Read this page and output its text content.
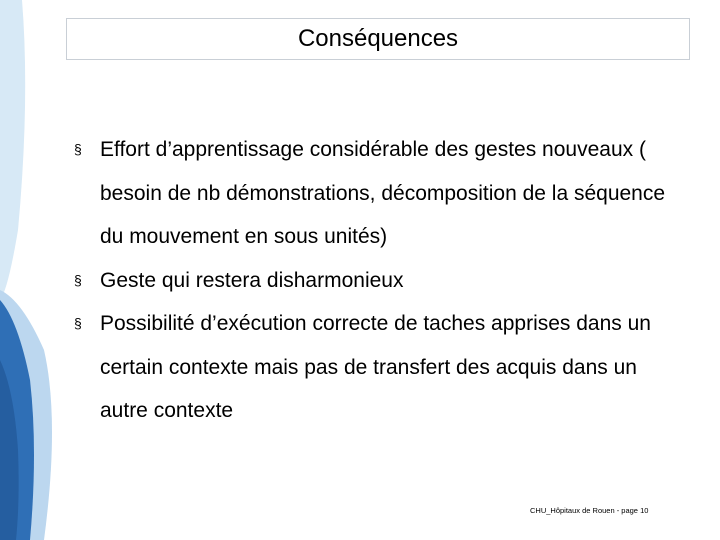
Conséquences
§ Effort d’apprentissage considérable des gestes nouveaux ( besoin de nb démonstrations, décomposition de la séquence du mouvement en sous unités)
§ Geste qui restera disharmonieux
§ Possibilité d’exécution correcte de taches apprises dans un certain contexte mais pas de transfert des acquis dans un autre contexte
CHU_Hôpitaux de Rouen - page 10
